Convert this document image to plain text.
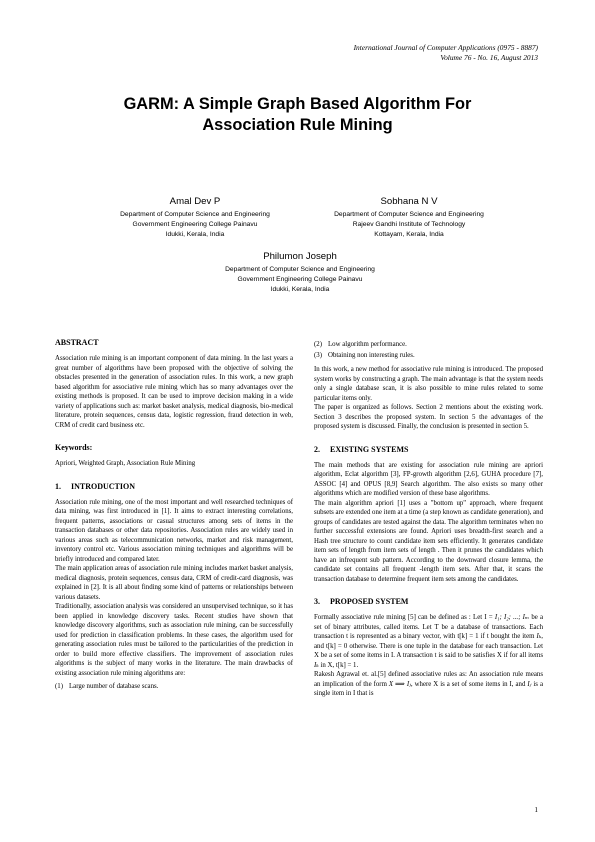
International Journal of Computer Applications (0975 - 8887)
Volume 76 - No. 16, August 2013
GARM: A Simple Graph Based Algorithm For
Association Rule Mining
Amal Dev P
Department of Computer Science and Engineering
Government Engineering College Painavu
Idukki, Kerala, India
Sobhana N V
Department of Computer Science and Engineering
Rajeev Gandhi Institute of Technology
Kottayam, Kerala, India
Philumon Joseph
Department of Computer Science and Engineering
Government Engineering College Painavu
Idukki, Kerala, India
ABSTRACT

Association rule mining is an important component of data mining. In the last years a great number of algorithms have been proposed with the objective of solving the obstacles presented in the generation of association rules. In this work, a new graph based algorithm for associative rule mining which has so many advantages over the existing methods is proposed. It can be used to improve decision making in a wide variety of applications such as: market basket analysis, medical diagnosis, bio-medical literature, protein sequences, census data, logistic regression, fraud detection in web, CRM of credit card business etc.

Keywords:

Apriori, Weighted Graph, Association Rule Mining

1. INTRODUCTION

Association rule mining, one of the most important and well researched techniques of data mining, was first introduced in [1]. It aims to extract interesting correlations, frequent patterns, associations or casual structures among sets of items in the transaction databases or other data repositories. Association rules are widely used in various areas such as telecommunication networks, market and risk management, inventory control etc. Various association mining techniques and algorithms will be briefly introduced and compared later.

The main application areas of association rule mining includes market basket analysis, medical diagnosis, protein sequences, census data, CRM of credit-card diagnosis, was explained in [2]. It is all about finding some kind of patterns or relationships between various datasets.

Traditionally, association analysis was considered an unsupervised technique, so it has been applied in knowledge discovery tasks. Recent studies have shown that knowledge discovery algorithms, such as association rule mining, can be successfully used for prediction in classification problems. In these cases, the algorithm used for generating association rules must be tailored to the particularities of the prediction in order to build more effective classifiers. The improvement of association rules algorithms is the subject of many works in the literature. The main drawbacks of existing association rule mining algorithms are:

(1) Large number of database scans.
(2) Low algorithm performance.
(3) Obtaining non interesting rules.

In this work, a new method for associative rule mining is introduced. The proposed system works by constructing a graph. The main advantage is that the system needs only a single database scan, it is also possible to mine rules related to some particular items only.

The paper is organized as follows. Section 2 mentions about the existing work. Section 3 describes the proposed system. In section 5 the advantages of the proposed system is discussed. Finally, the conclusion is presented in section 5.

2. EXISTING SYSTEMS

The main methods that are existing for association rule mining are apriori algorithm, Eclat algorithm [3], FP-growth algorithm [2,6], GUHA procedure [7], ASSOC [4] and OPUS [8,9] Search algorithm. The also exists so many other algorithms which are modified version of these base algorithms.

The main algorithm apriori [1] uses a "bottom up" approach, where frequent subsets are extended one item at a time (a step known as candidate generation), and groups of candidates are tested against the data. The algorithm terminates when no further successful extensions are found. Apriori uses breadth-first search and a Hash tree structure to count candidate item sets efficiently. It generates candidate item sets of length from item sets of length . Then it prunes the candidates which have an infrequent sub pattern. According to the downward closure lemma, the candidate set contains all frequent -length item sets. After that, it scans the transaction database to determine frequent item sets among the candidates.

3. PROPOSED SYSTEM

Formally associative rule mining [5] can be defined as : Let I = I₁; I₂; ...; Iₘ be a set of binary attributes, called items. Let T be a database of transactions. Each transaction t is represented as a binary vector, with t[k] = 1 if t bought the item Iₖ, and t[k] = 0 otherwise. There is one tuple in the database for each transaction. Let X be a set of some items in I. A transaction t is said to be satisfies X if for all items Iₖ in X, t[k] = 1.

Rakesh Agrawal et. al.[5] defined associative rules as: An association rule means an implication of the form X ⟹ Iⱼ, where X is a set of some items in I, and Iⱼ is a single item in I that is

1
